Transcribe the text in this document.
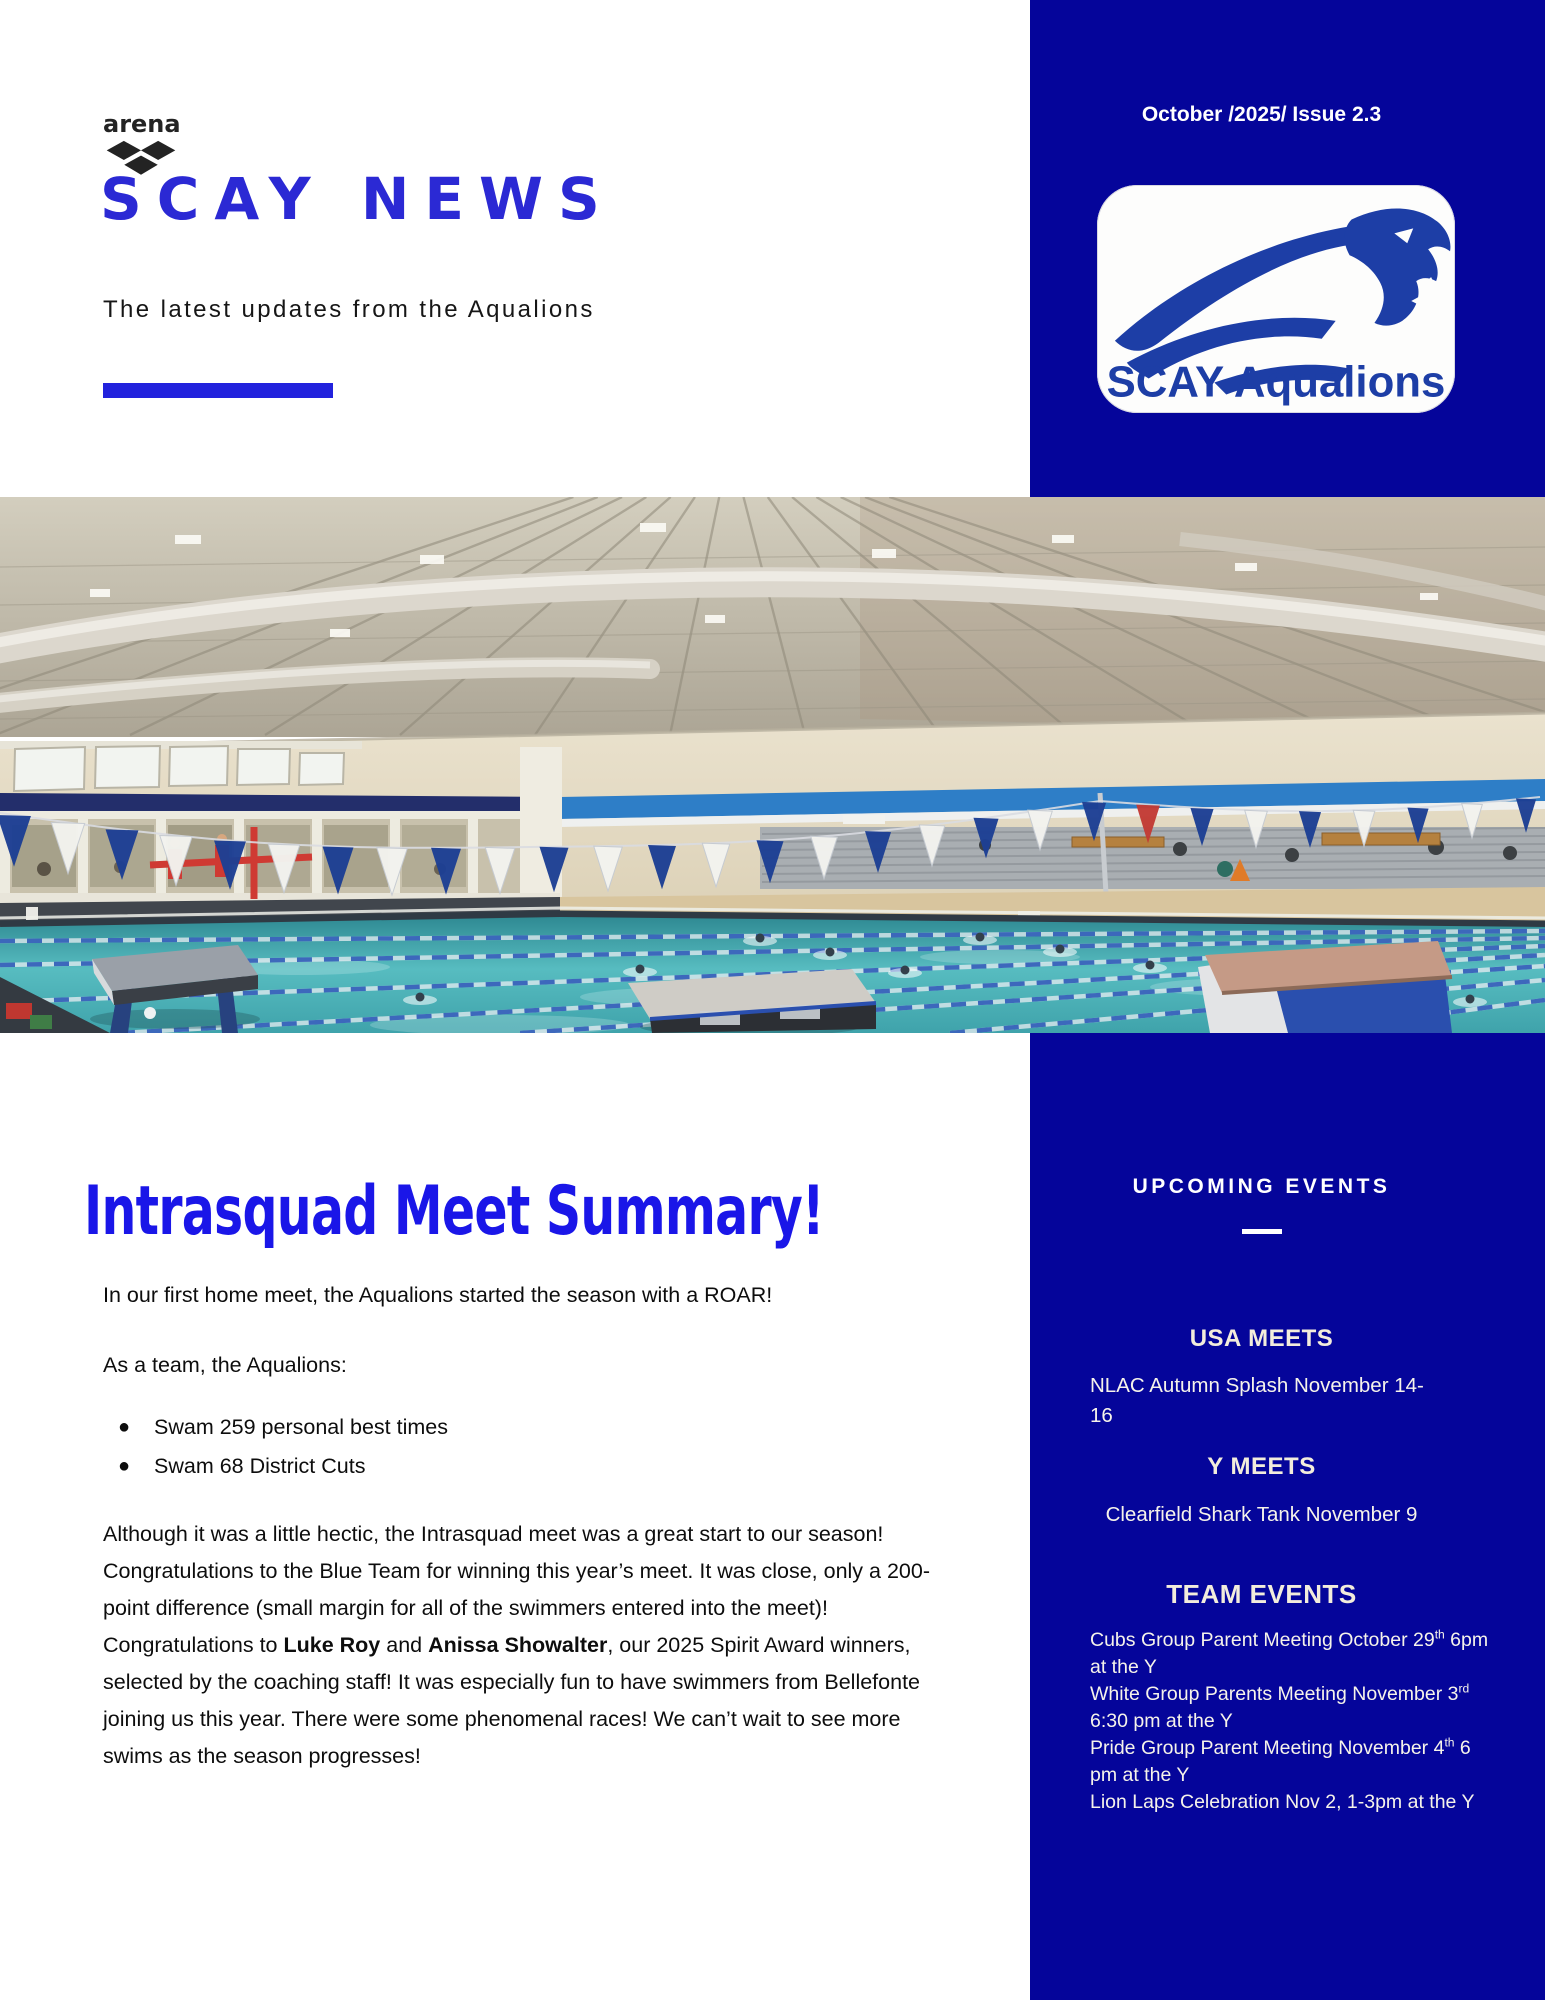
arena
SCAY NEWS
The latest updates from the Aqualions
October /2025/ Issue 2.3
SCAY Aqualions
Intrasquad Meet Summary!
In our first home meet, the Aqualions started the season with a ROAR!
As a team, the Aqualions:
●	Swam 259 personal best times
●	Swam 68 District Cuts
Although it was a little hectic, the Intrasquad meet was a great start to our season! Congratulations to the Blue Team for winning this year’s meet. It was close, only a 200-point difference (small margin for all of the swimmers entered into the meet)! Congratulations to Luke Roy and Anissa Showalter, our 2025 Spirit Award winners, selected by the coaching staff! It was especially fun to have swimmers from Bellefonte joining us this year. There were some phenomenal races! We can’t wait to see more swims as the season progresses!
UPCOMING EVENTS
USA MEETS
NLAC Autumn Splash November 14-16
Y MEETS
Clearfield Shark Tank November 9
TEAM EVENTS
Cubs Group Parent Meeting October 29th 6pm at the Y
White Group Parents Meeting November 3rd 6:30 pm at the Y
Pride Group Parent Meeting November 4th 6 pm at the Y
Lion Laps Celebration Nov 2, 1-3pm at the Y
